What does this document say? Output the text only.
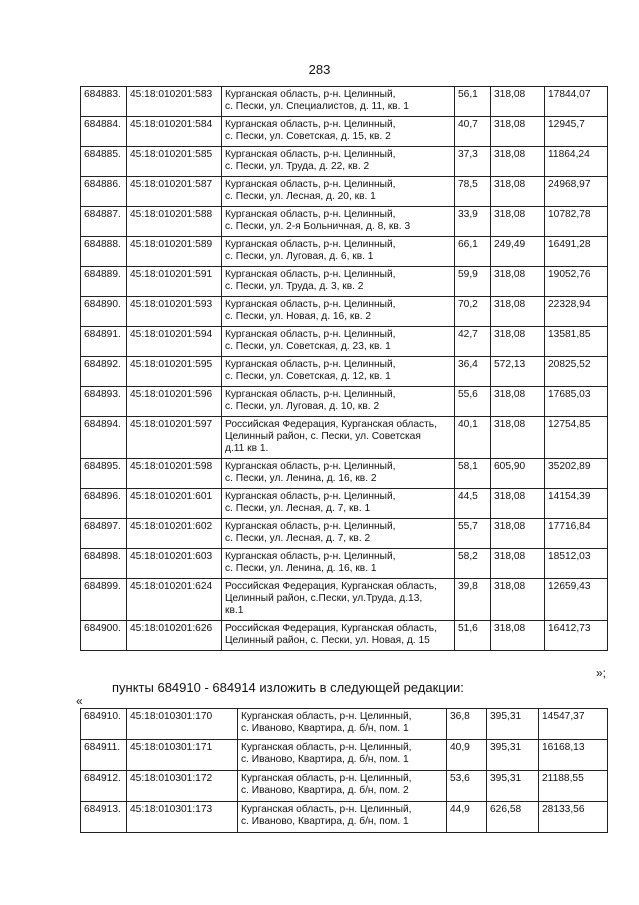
283
684883.	45:18:010201:583	Курганская область, р-н. Целинный,
с. Пески, ул. Специалистов, д. 11, кв. 1	56,1	318,08	17844,07
684884.	45:18:010201:584	Курганская область, р-н. Целинный,
с. Пески, ул. Советская, д. 15, кв. 2	40,7	318,08	12945,7
684885.	45:18:010201:585	Курганская область, р-н. Целинный,
с. Пески, ул. Труда, д. 22, кв. 2	37,3	318,08	11864,24
684886.	45:18:010201:587	Курганская область, р-н. Целинный,
с. Пески, ул. Лесная, д. 20, кв. 1	78,5	318,08	24968,97
684887.	45:18:010201:588	Курганская область, р-н. Целинный,
с. Пески, ул. 2-я Больничная, д. 8, кв. 3	33,9	318,08	10782,78
684888.	45:18:010201:589	Курганская область, р-н. Целинный,
с. Пески, ул. Луговая, д. 6, кв. 1	66,1	249,49	16491,28
684889.	45:18:010201:591	Курганская область, р-н. Целинный,
с. Пески, ул. Труда, д. 3, кв. 2	59,9	318,08	19052,76
684890.	45:18:010201:593	Курганская область, р-н. Целинный,
с. Пески, ул. Новая, д. 16, кв. 2	70,2	318,08	22328,94
684891.	45:18:010201:594	Курганская область, р-н. Целинный,
с. Пески, ул. Советская, д. 23, кв. 1	42,7	318,08	13581,85
684892.	45:18:010201:595	Курганская область, р-н. Целинный,
с. Пески, ул. Советская, д. 12, кв. 1	36,4	572,13	20825,52
684893.	45:18:010201:596	Курганская область, р-н. Целинный,
с. Пески, ул. Луговая, д. 10, кв. 2	55,6	318,08	17685,03
684894.	45:18:010201:597	Российская Федерация, Курганская область,
Целинный район, с. Пески, ул. Советская
д.11 кв 1.	40,1	318,08	12754,85
684895.	45:18:010201:598	Курганская область, р-н. Целинный,
с. Пески, ул. Ленина, д. 16, кв. 2	58,1	605,90	35202,89
684896.	45:18:010201:601	Курганская область, р-н. Целинный,
с. Пески, ул. Лесная, д. 7, кв. 1	44,5	318,08	14154,39
684897.	45:18:010201:602	Курганская область, р-н. Целинный,
с. Пески, ул. Лесная, д. 7, кв. 2	55,7	318,08	17716,84
684898.	45:18:010201:603	Курганская область, р-н. Целинный,
с. Пески, ул. Ленина, д. 16, кв. 1	58,2	318,08	18512,03
684899.	45:18:010201:624	Российская Федерация, Курганская область,
Целинный район, с.Пески, ул.Труда, д.13,
кв.1	39,8	318,08	12659,43
684900.	45:18:010201:626	Российская Федерация, Курганская область,
Целинный район, с. Пески, ул. Новая, д. 15	51,6	318,08	16412,73
»;
пункты 684910 - 684914 изложить в следующей редакции:
«
684910.	45:18:010301:170	Курганская область, р-н. Целинный,
с. Иваново, Квартира, д. б/н, пом. 1	36,8	395,31	14547,37
684911.	45:18:010301:171	Курганская область, р-н. Целинный,
с. Иваново, Квартира, д. б/н, пом. 1	40,9	395,31	16168,13
684912.	45:18:010301:172	Курганская область, р-н. Целинный,
с. Иваново, Квартира, д. б/н, пом. 2	53,6	395,31	21188,55
684913.	45:18:010301:173	Курганская область, р-н. Целинный,
с. Иваново, Квартира, д. б/н, пом. 1	44,9	626,58	28133,56
